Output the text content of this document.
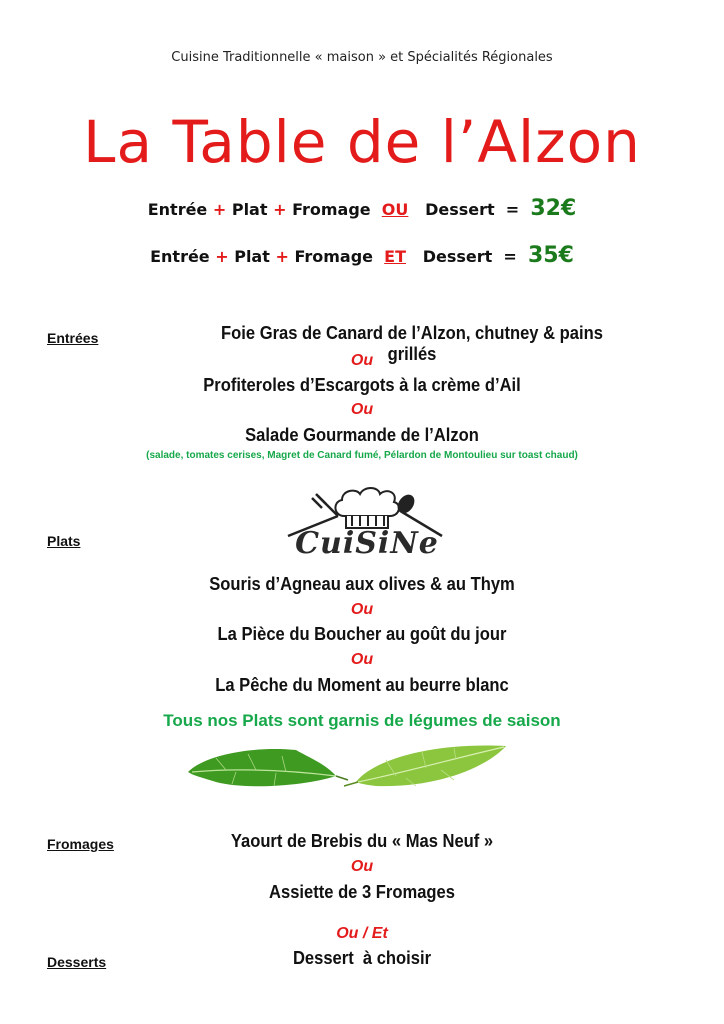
Cuisine Traditionnelle « maison » et Spécialités Régionales
La Table de l’Alzon
Entrée + Plat + Fromage OU Dessert = 32€
Entrée + Plat + Fromage ET Dessert = 35€
Entrées	Foie Gras de Canard de l’Alzon, chutney & pains grillés
Ou
Profiteroles d’Escargots à la crème d’Ail
Ou
Salade Gourmande de l’Alzon
(salade, tomates cerises, Magret de Canard fumé, Pélardon de Montoulieu sur toast chaud)
Plats	CuiSiNe
Souris d’Agneau aux olives & au Thym
Ou
La Pièce du Boucher au goût du jour
Ou
La Pêche du Moment au beurre blanc
Tous nos Plats sont garnis de légumes de saison
Fromages	Yaourt de Brebis du « Mas Neuf »
Ou
Assiette de 3 Fromages
Ou / Et
Desserts	Dessert  à choisir
